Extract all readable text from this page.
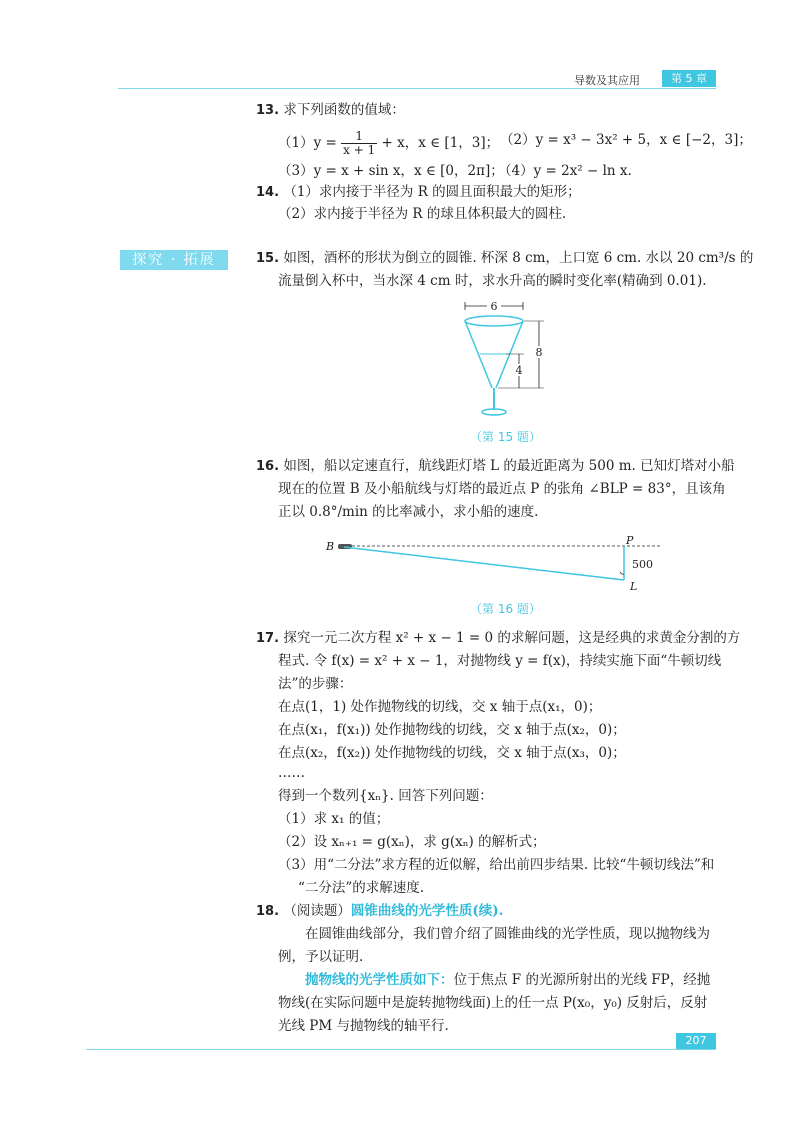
导数及其应用	第 5 章
13. 求下列函数的值域：
$(1)y = \frac{1}{x + 1} + x$，x ∈ [1，3]； （2）y = x³ − 3x² + 5，x ∈ [−2，3]；
（3）y = x + sin x，x ∈ [0，2π]；
（4）y = 2x² − ln x.
14. （1）求内接于半径为 R 的圆且面积最大的矩形；
（2）求内接于半径为 R 的球且体积最大的圆柱.
探究 · 拓展	15. 如图，酒杯的形状为倒立的圆锥. 杯深 8 cm，上口宽 6 cm. 水以 20 cm³/s 的
流量倒入杯中，当水深 4 cm 时，求水升高的瞬时变化率(精确到 0.01).
6
8
4
（第 15 题）
16. 如图，船以定速直行，航线距灯塔 L 的最近距离为 500 m. 已知灯塔对小船
现在的位置 B 及小船航线与灯塔的最近点 P 的张角 ∠BLP = 83°，且该角
正以 0.8°/min 的比率减小，求小船的速度.
B	P
500
L
（第 16 题）
17. 探究一元二次方程 x² + x − 1 = 0 的求解问题，这是经典的求黄金分割的方
程式. 令 f(x) = x² + x − 1，对抛物线 y = f(x)，持续实施下面“牛顿切线
法”的步骤：
在点(1，1) 处作抛物线的切线，交 x 轴于点(x₁，0)；
在点(x₁，f(x₁)) 处作抛物线的切线，交 x 轴于点(x₂，0)；
在点(x₂，f(x₂)) 处作抛物线的切线，交 x 轴于点(x₃，0)；
……
得到一个数列{xₙ}. 回答下列问题：
（1）求 x₁ 的值；
（2）设 xₙ₊₁ = g(xₙ)，求 g(xₙ) 的解析式；
（3）用“二分法”求方程的近似解，给出前四步结果. 比较“牛顿切线法”和
“二分法”的求解速度.
18. （阅读题）圆锥曲线的光学性质(续).
在圆锥曲线部分，我们曾介绍了圆锥曲线的光学性质，现以抛物线为
例，予以证明.
抛物线的光学性质如下：位于焦点 F 的光源所射出的光线 FP，经抛
物线(在实际问题中是旋转抛物线面)上的任一点 P(x₀，y₀) 反射后，反射
光线 PM 与抛物线的轴平行.
207
